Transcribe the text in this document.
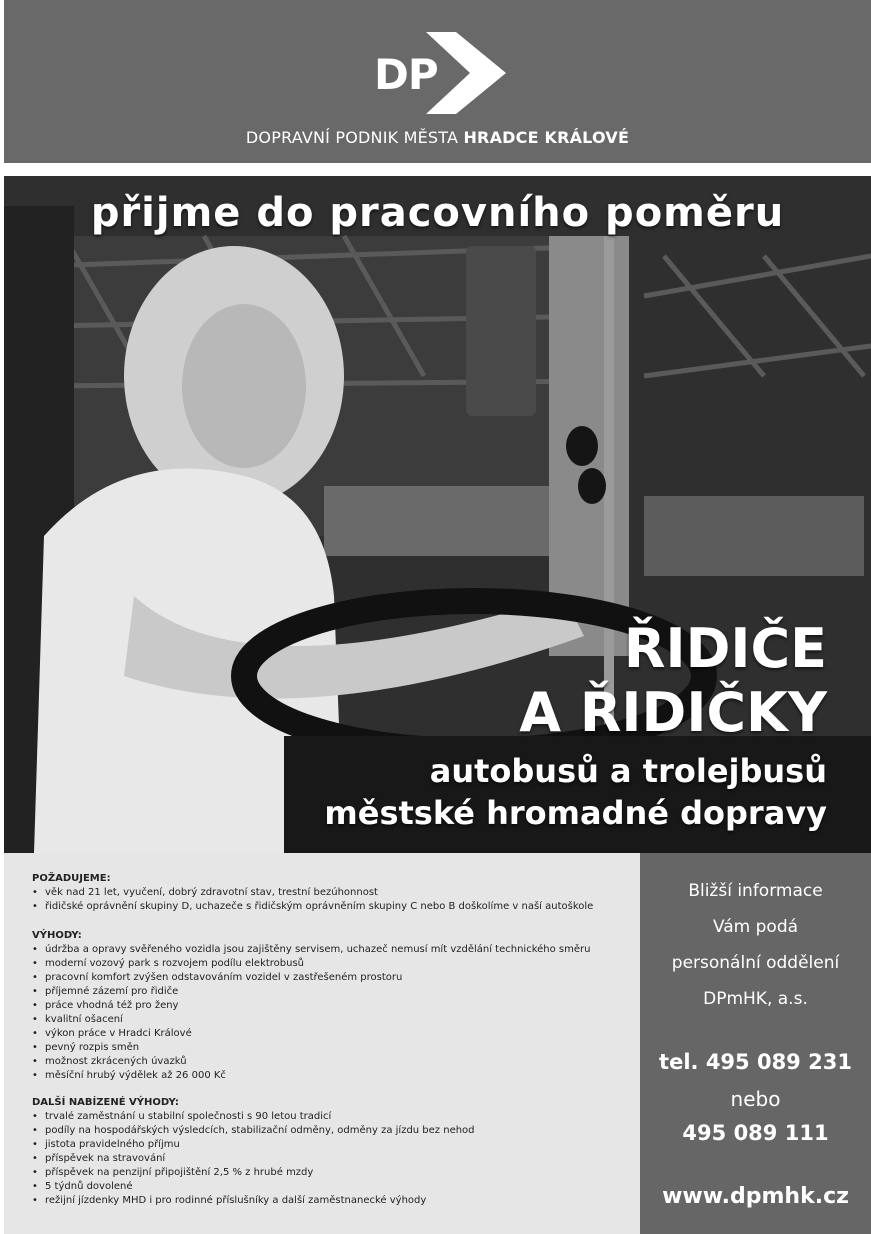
DP
DOPRAVNÍ PODNIK MĚSTA HRADCE KRÁLOVÉ
přijme do pracovního poměru
ŘIDIČE
A ŘIDIČKY
autobusů a trolejbusů
městské hromadné dopravy
POŽADUJEME:
• věk nad 21 let, vyučení, dobrý zdravotní stav, trestní bezúhonnost
• řidičské oprávnění skupiny D, uchazeče s řidičským oprávněním skupiny C nebo B doškolíme v naší autoškole
VÝHODY:
• údržba a opravy svěřeného vozidla jsou zajištěny servisem, uchazeč nemusí mít vzdělání technického směru
• moderní vozový park s rozvojem podílu elektrobusů
• pracovní komfort zvýšen odstavováním vozidel v zastřešeném prostoru
• příjemné zázemí pro řidiče
• práce vhodná též pro ženy
• kvalitní ošacení
• výkon práce v Hradci Králové
• pevný rozpis směn
• možnost zkrácených úvazků
• měsíční hrubý výdělek až 26 000 Kč
DALŠÍ NABÍZENÉ VÝHODY:
• trvalé zaměstnání u stabilní společnosti s 90 letou tradicí
• podíly na hospodářských výsledcích, stabilizační odměny, odměny za jízdu bez nehod
• jistota pravidelného příjmu
• příspěvek na stravování
• příspěvek na penzijní připojištění 2,5 % z hrubé mzdy
• 5 týdnů dovolené
• režijní jízdenky MHD i pro rodinné příslušníky a další zaměstnanecké výhody
Bližší informace
Vám podá
personální oddělení
DPmHK, a.s.
tel. 495 089 231
nebo
495 089 111
www.dpmhk.cz
